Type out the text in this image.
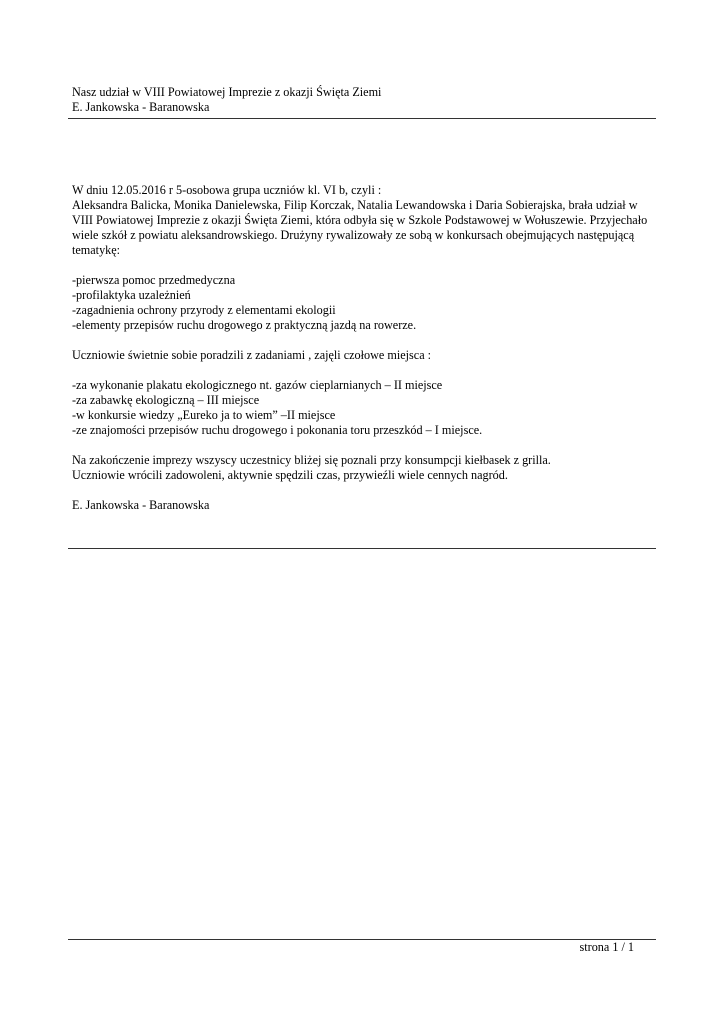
Nasz udział w VIII Powiatowej Imprezie z okazji Święta Ziemi
E. Jankowska - Baranowska

W dniu 12.05.2016 r 5-osobowa grupa uczniów kl. VI b, czyli :
Aleksandra Balicka, Monika Danielewska, Filip Korczak, Natalia Lewandowska i Daria Sobierajska, brała udział w
VIII Powiatowej Imprezie z okazji Święta Ziemi, która odbyła się w Szkole Podstawowej w Wołuszewie. Przyjechało
wiele szkół z powiatu aleksandrowskiego. Drużyny rywalizowały ze sobą w konkursach obejmujących następującą
tematykę:

-pierwsza pomoc przedmedyczna
-profilaktyka uzależnień
-zagadnienia ochrony przyrody z elementami ekologii
-elementy przepisów ruchu drogowego z praktyczną jazdą na rowerze.

Uczniowie świetnie sobie poradzili z zadaniami , zajęli czołowe miejsca :

-za wykonanie plakatu ekologicznego nt. gazów cieplarnianych – II miejsce
-za zabawkę ekologiczną – III miejsce
-w konkursie wiedzy „Eureko ja to wiem” –II miejsce
-ze znajomości przepisów ruchu drogowego i pokonania toru przeszkód – I miejsce.

Na zakończenie imprezy wszyscy uczestnicy bliżej się poznali przy konsumpcji kiełbasek z grilla.
Uczniowie wrócili zadowoleni, aktywnie spędzili czas, przywieźli wiele cennych nagród.

E. Jankowska - Baranowska

strona 1 / 1
